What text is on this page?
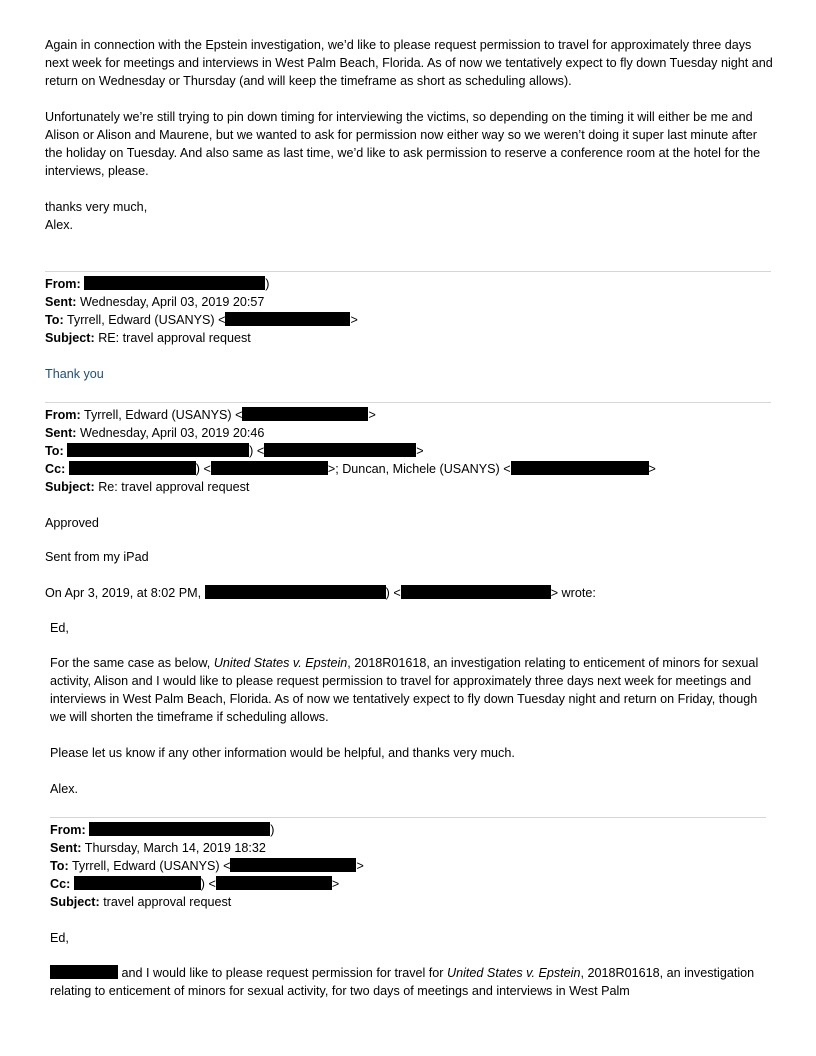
Again in connection with the Epstein investigation, we’d like to please request permission to travel for approximately three days next week for meetings and interviews in West Palm Beach, Florida. As of now we tentatively expect to fly down Tuesday night and return on Wednesday or Thursday (and will keep the timeframe as short as scheduling allows).

Unfortunately we’re still trying to pin down timing for interviewing the victims, so depending on the timing it will either be me and Alison or Alison and Maurene, but we wanted to ask for permission now either way so we weren’t doing it super last minute after the holiday on Tuesday. And also same as last time, we’d like to ask permission to reserve a conference room at the hotel for the interviews, please.

thanks very much,
Alex.
From:	)
Sent: Wednesday, April 03, 2019 20:57
To: Tyrrell, Edward (USANYS) <	>
Subject: RE: travel approval request
Thank you
From: Tyrrell, Edward (USANYS) <	>
Sent: Wednesday, April 03, 2019 20:46
To:	) <	>
Cc:	) <	>; Duncan, Michele (USANYS) <	>
Subject: Re: travel approval request
Approved
Sent from my iPad
On Apr 3, 2019, at 8:02 PM,	) <	> wrote:
Ed,

For the same case as below, United States v. Epstein, 2018R01618, an investigation relating to enticement of minors for sexual activity, Alison and I would like to please request permission to travel for approximately three days next week for meetings and interviews in West Palm Beach, Florida. As of now we tentatively expect to fly down Tuesday night and return on Friday, though we will shorten the timeframe if scheduling allows.

Please let us know if any other information would be helpful, and thanks very much.

Alex.
From:	)
Sent: Thursday, March 14, 2019 18:32
To: Tyrrell, Edward (USANYS) <	>
Cc:	) <	>
Subject: travel approval request
Ed,

and I would like to please request permission for travel for United States v. Epstein, 2018R01618, an investigation relating to enticement of minors for sexual activity, for two days of meetings and interviews in West Palm
